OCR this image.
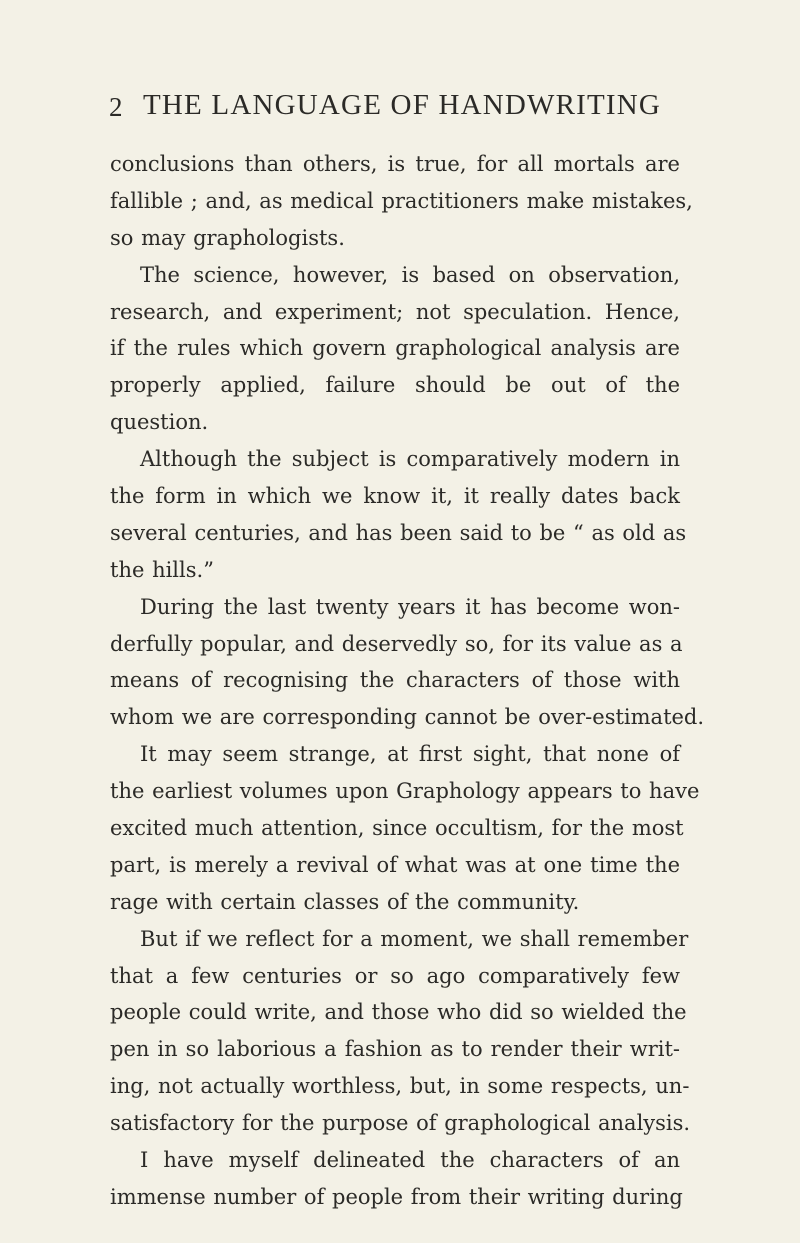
2 THE LANGUAGE OF HANDWRITING
conclusions than others, is true, for all mortals are
fallible ; and, as medical practitioners make mistakes,
so may graphologists.
The science, however, is based on observation,
research, and experiment; not speculation. Hence,
if the rules which govern graphological analysis are
properly applied, failure should be out of the
question.
Although the subject is comparatively modern in
the form in which we know it, it really dates back
several centuries, and has been said to be “ as old as
the hills.”
During the last twenty years it has become won-
derfully popular, and deservedly so, for its value as a
means of recognising the characters of those with
whom we are corresponding cannot be over-estimated.
It may seem strange, at first sight, that none of
the earliest volumes upon Graphology appears to have
excited much attention, since occultism, for the most
part, is merely a revival of what was at one time the
rage with certain classes of the community.
But if we reflect for a moment, we shall remember
that a few centuries or so ago comparatively few
people could write, and those who did so wielded the
pen in so laborious a fashion as to render their writ-
ing, not actually worthless, but, in some respects, un-
satisfactory for the purpose of graphological analysis.
I have myself delineated the characters of an
immense number of people from their writing during
